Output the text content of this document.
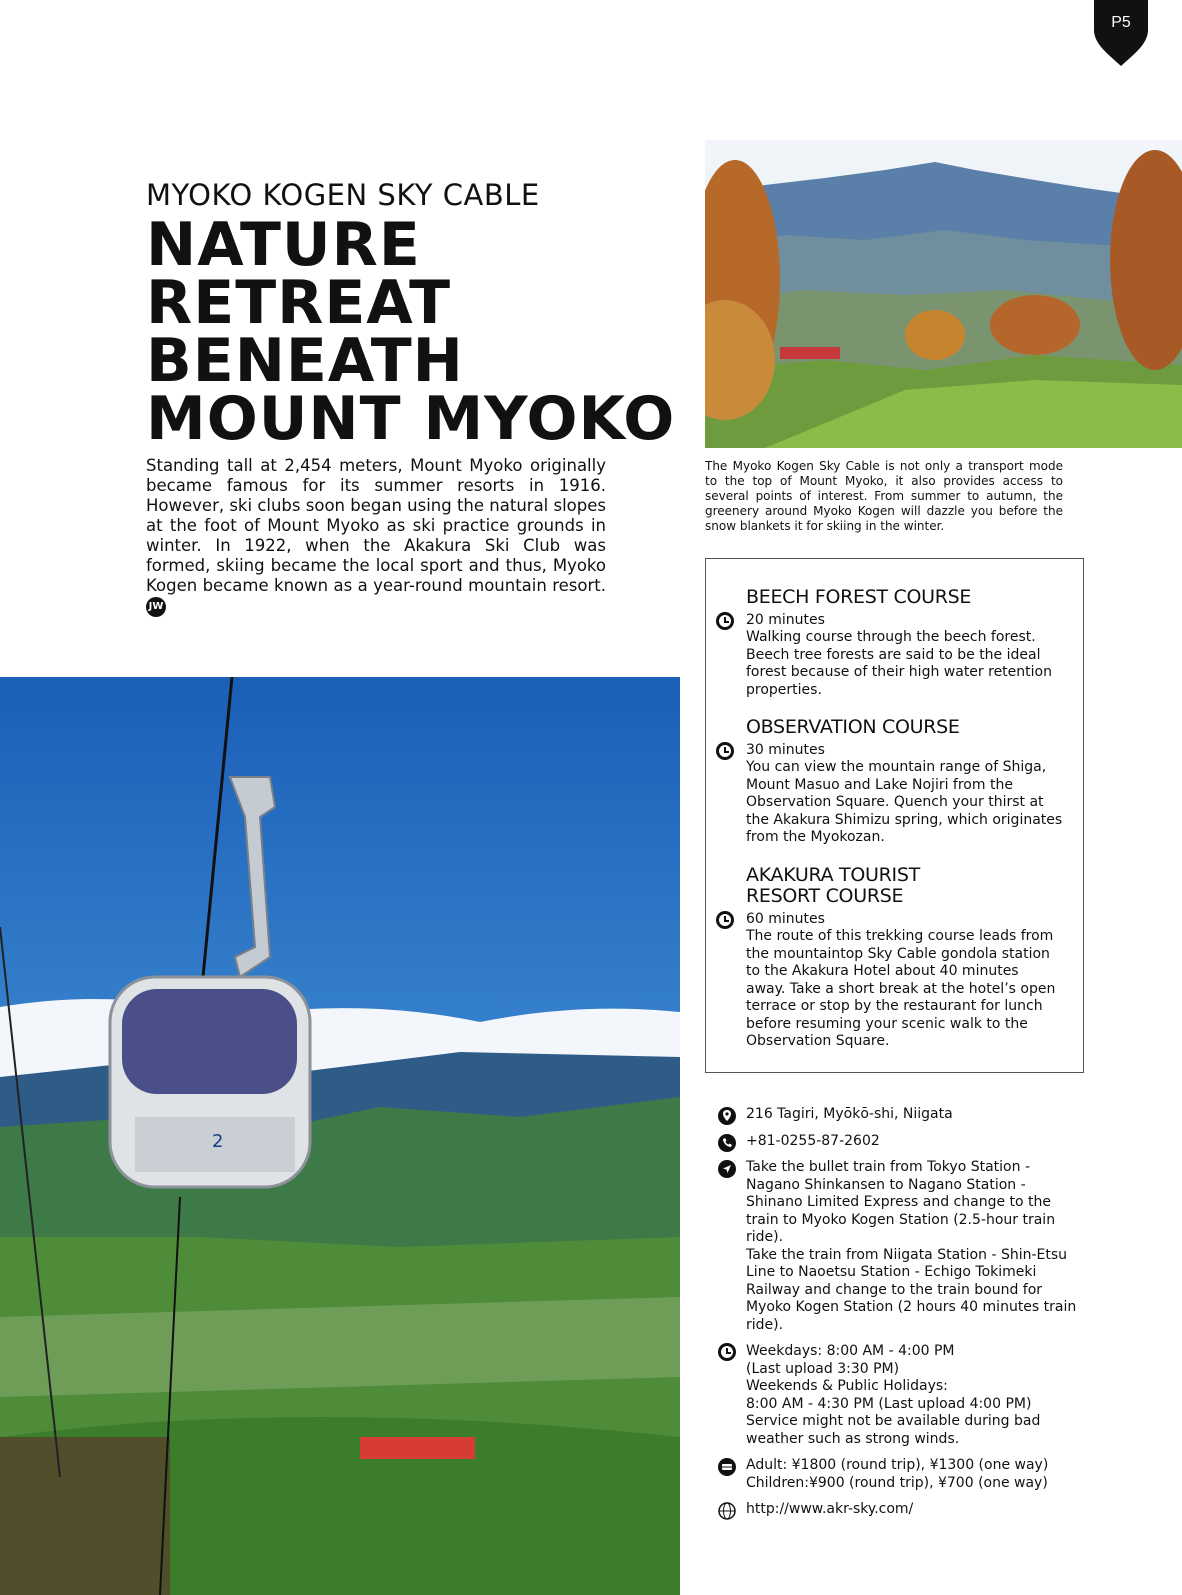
P5
MYOKO KOGEN SKY CABLE
NATURE
RETREAT
BENEATH
MOUNT MYOKO
Standing tall at 2,454 meters, Mount Myoko originally became famous for its summer resorts in 1916. However, ski clubs soon began using the natural slopes at the foot of Mount Myoko as ski practice grounds in winter. In 1922, when the Akakura Ski Club was formed, skiing became the local sport and thus, Myoko Kogen became known as a year-round mountain resort. JW
The Myoko Kogen Sky Cable is not only a transport mode to the top of Mount Myoko, it also provides access to several points of interest. From summer to autumn, the greenery around Myoko Kogen will dazzle you before the snow blankets it for skiing in the winter.
2
BEECH FOREST COURSE
20 minutes
Walking course through the beech forest. Beech tree forests are said to be the ideal forest because of their high water retention properties.
OBSERVATION COURSE
30 minutes
You can view the mountain range of Shiga, Mount Masuo and Lake Nojiri from the Observation Square. Quench your thirst at the Akakura Shimizu spring, which originates from the Myokozan.
AKAKURA TOURIST RESORT COURSE
60 minutes
The route of this trekking course leads from the mountaintop Sky Cable gondola station to the Akakura Hotel about 40 minutes away. Take a short break at the hotel’s open terrace or stop by the restaurant for lunch before resuming your scenic walk to the Observation Square.
216 Tagiri, Myōkō-shi, Niigata
+81-0255-87-2602
Take the bullet train from Tokyo Station - Nagano Shinkansen to Nagano Station - Shinano Limited Express and change to the train to Myoko Kogen Station (2.5-hour train ride).
Take the train from Niigata Station - Shin-Etsu Line to Naoetsu Station - Echigo Tokimeki Railway and change to the train bound for Myoko Kogen Station (2 hours 40 minutes train ride).
Weekdays: 8:00 AM - 4:00 PM
(Last upload 3:30 PM)
Weekends & Public Holidays:
8:00 AM - 4:30 PM (Last upload 4:00 PM)
Service might not be available during bad weather such as strong winds.
Adult: ¥1800 (round trip), ¥1300 (one way)
Children:¥900 (round trip), ¥700 (one way)
http://www.akr-sky.com/
